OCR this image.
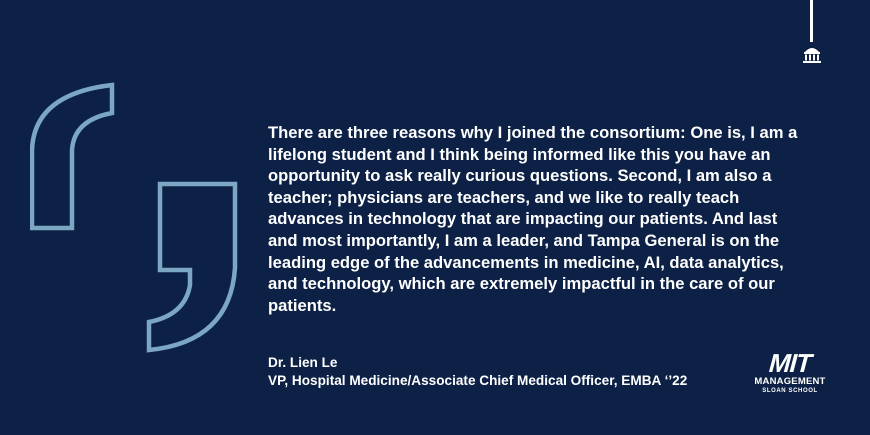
There are three reasons why I joined the consortium: One is, I am a lifelong student and I think being informed like this you have an opportunity to ask really curious questions. Second, I am also a teacher; physicians are teachers, and we like to really teach advances in technology that are impacting our patients. And last and most importantly, I am a leader, and Tampa General is on the leading edge of the advancements in medicine, AI, data analytics, and technology, which are extremely impactful in the care of our patients.

Dr. Lien Le

VP, Hospital Medicine/Associate Chief Medical Officer, EMBA ‘’22

MIT
MANAGEMENT
SLOAN SCHOOL
